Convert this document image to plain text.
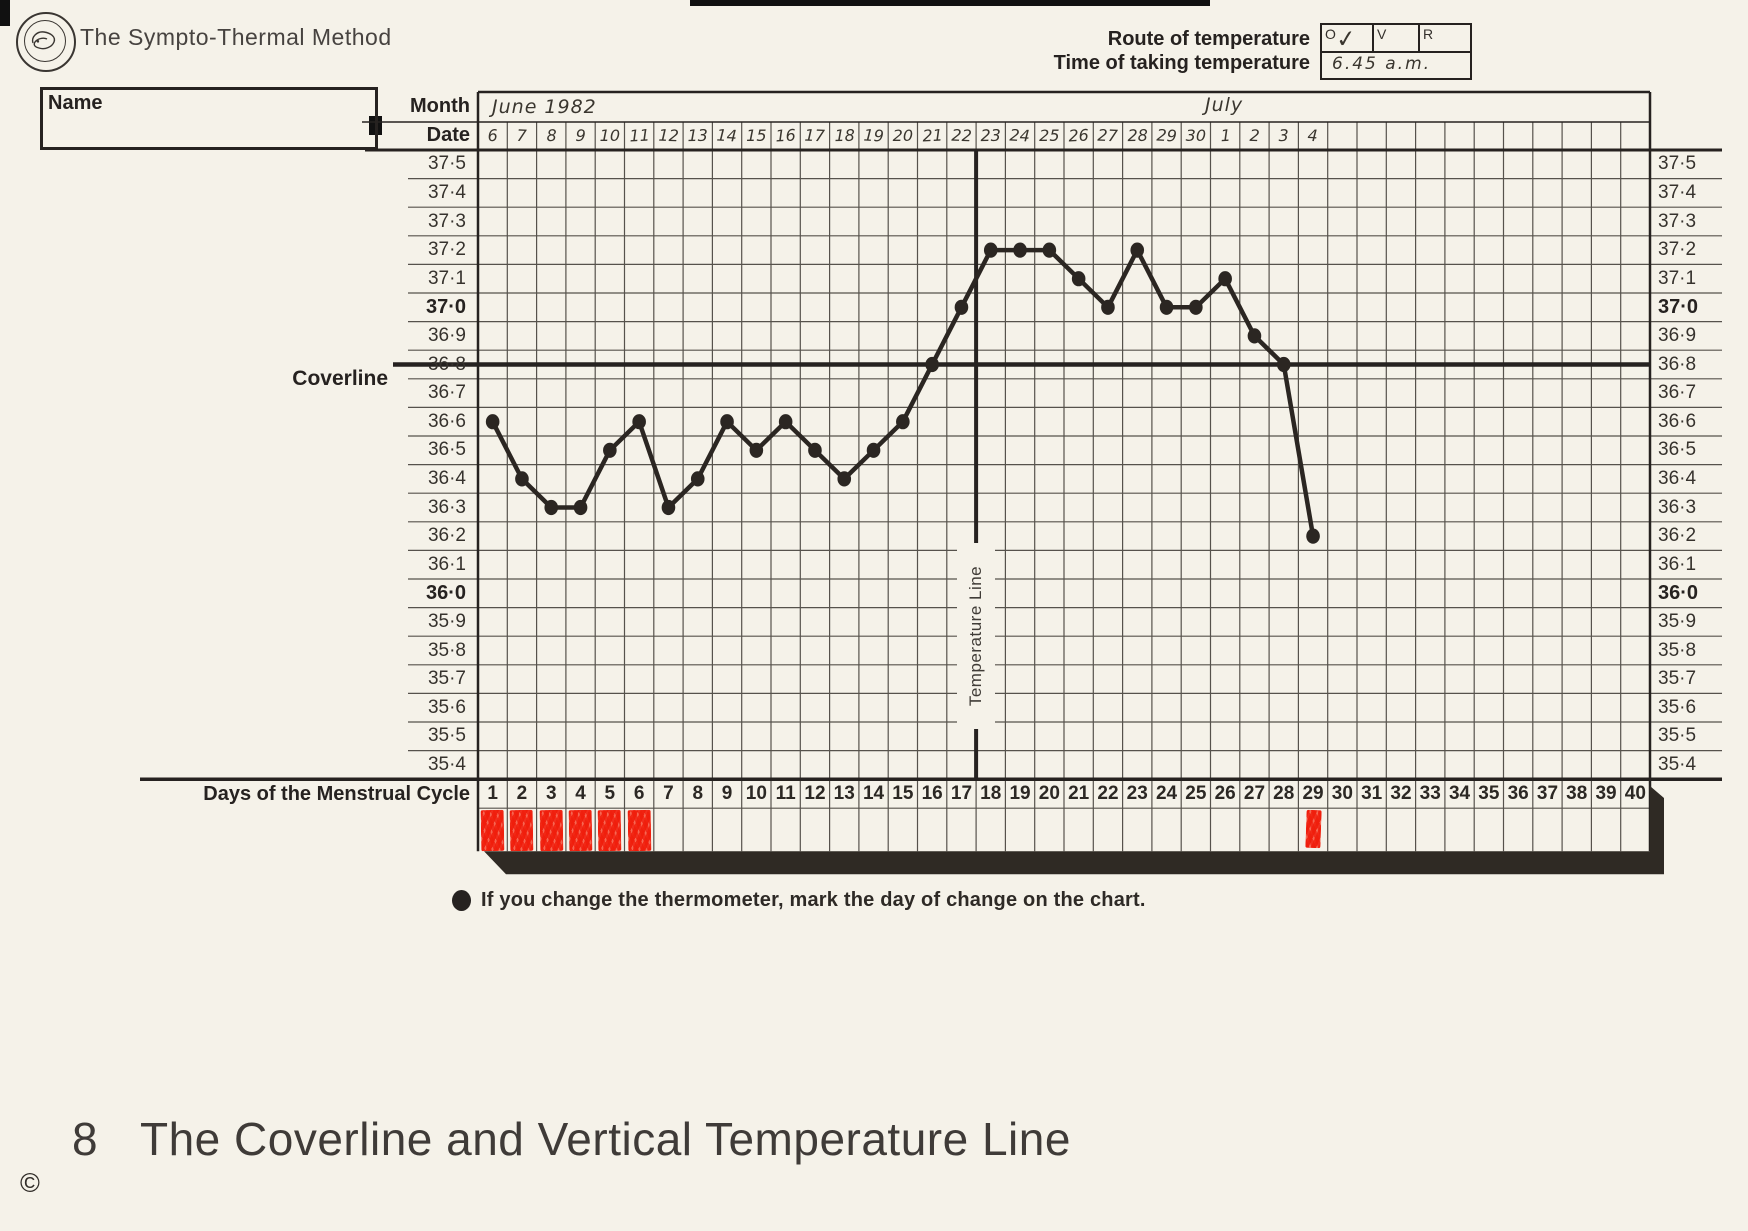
The Sympto-Thermal Method
Name
Route of temperature
Time of taking temperature
O
✓ V	R
6.45 a.m.
Month
Date
June 1982	July
Coverline
Days of the Menstrual Cycle
37·5	37·5
37·4	37·4
37·3	37·3
37·2	37·2
37·1	37·1
37·0	37·0
36·9	36·9
36·8	36·8
36·7	36·7
36·6	36·6
36·5	36·5
36·4	36·4
36·3	36·3
36·2	36·2
36·1	36·1
36·0	36·0
35·9	35·9
35·8	35·8
35·7	35·7
35·6	35·6
35·5	35·5
35·4	35·4
6	7	8	9 10 11 12 13 14 15 16 17 18 19 20 21 22 23 24 25 26 27 28 29 30 1	2	3	4
1 2 3 4 5 6 7 8 9 10 11 12 13 14 15 16 17 18 19 20 21 22 23 24 25 26 27 28 29 30 31 32 33 34 35 36 37 38 39 40
Temperature Line
If you change the thermometer, mark the day of change on the chart.
8 The Coverline and Vertical Temperature Line
©
